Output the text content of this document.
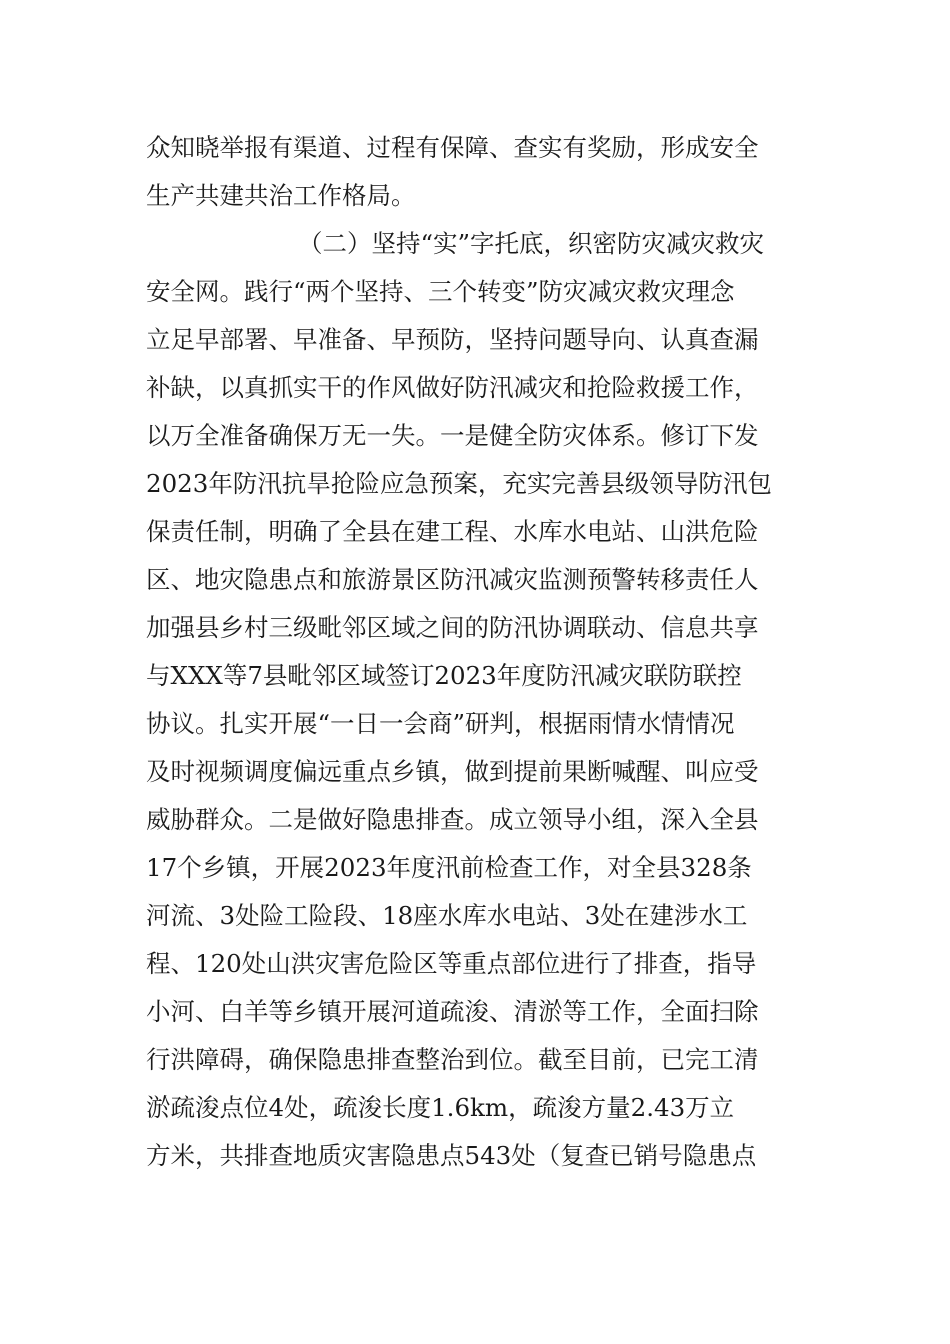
众知晓举报有渠道、过程有保障、查实有奖励，形成安全
生产共建共治工作格局。
（二）坚持“实”字托底，织密防灾减灾救灾
安全网。践行“两个坚持、三个转变”防灾减灾救灾理念
立足早部署、早准备、早预防，坚持问题导向、认真查漏
补缺，以真抓实干的作风做好防汛减灾和抢险救援工作，
以万全准备确保万无一失。一是健全防灾体系。修订下发
2023年防汛抗旱抢险应急预案，充实完善县级领导防汛包
保责任制，明确了全县在建工程、水库水电站、山洪危险
区、地灾隐患点和旅游景区防汛减灾监测预警转移责任人
加强县乡村三级毗邻区域之间的防汛协调联动、信息共享
与XXX等7县毗邻区域签订2023年度防汛减灾联防联控
协议。扎实开展“一日一会商”研判，根据雨情水情情况
及时视频调度偏远重点乡镇，做到提前果断喊醒、叫应受
威胁群众。二是做好隐患排查。成立领导小组，深入全县
17个乡镇，开展2023年度汛前检查工作，对全县328条
河流、3处险工险段、18座水库水电站、3处在建涉水工
程、120处山洪灾害危险区等重点部位进行了排查，指导
小河、白羊等乡镇开展河道疏浚、清淤等工作，全面扫除
行洪障碍，确保隐患排查整治到位。截至目前，已完工清
淤疏浚点位4处，疏浚长度1.6km，疏浚方量2.43万立
方米，共排查地质灾害隐患点543处（复查已销号隐患点
